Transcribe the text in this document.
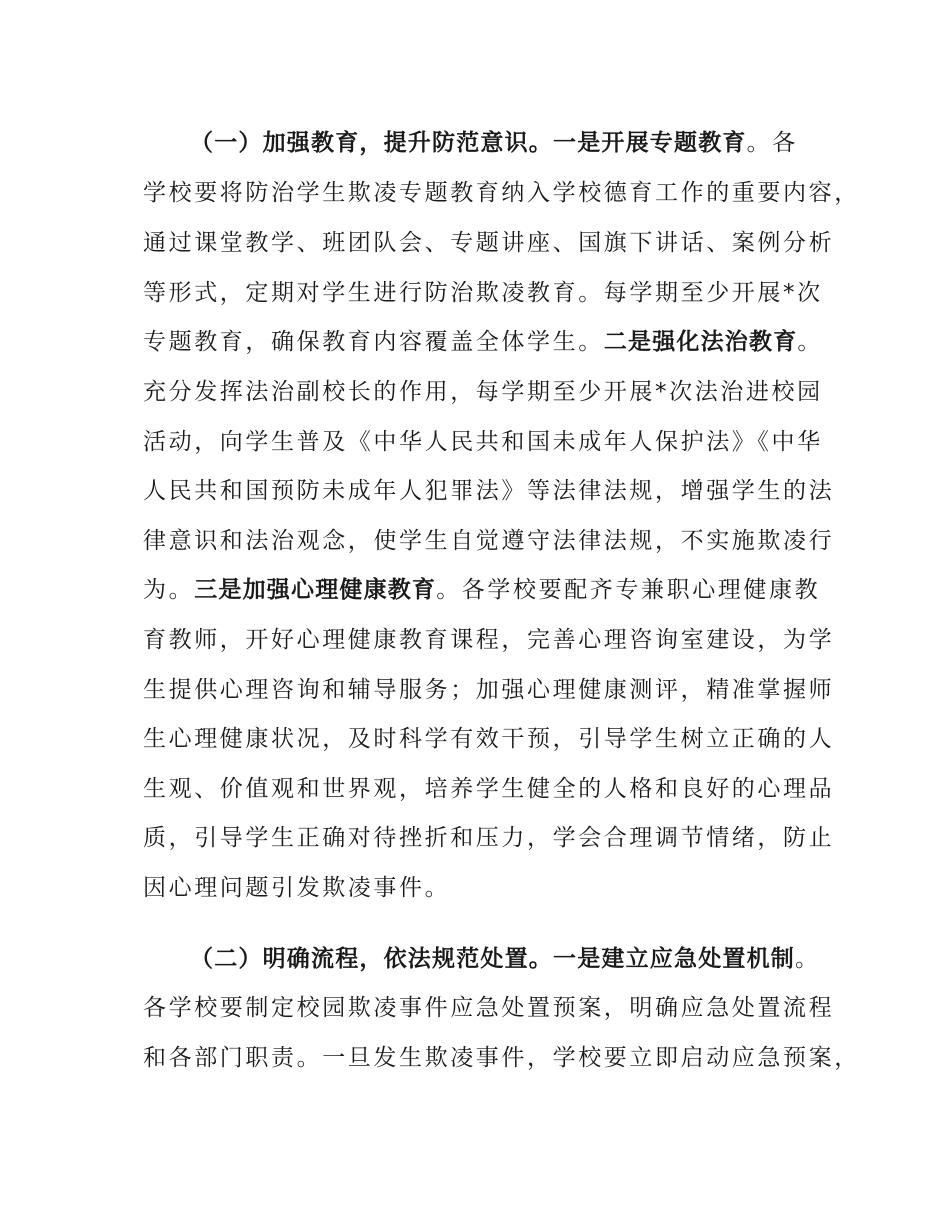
（一）加强教育，提升防范意识。一是开展专题教育。各
学校要将防治学生欺凌专题教育纳入学校德育工作的重要内容，
通过课堂教学、班团队会、专题讲座、国旗下讲话、案例分析
等形式，定期对学生进行防治欺凌教育。每学期至少开展*次
专题教育，确保教育内容覆盖全体学生。二是强化法治教育。
充分发挥法治副校长的作用，每学期至少开展*次法治进校园
活动，向学生普及《中华人民共和国未成年人保护法》《中华
人民共和国预防未成年人犯罪法》等法律法规，增强学生的法
律意识和法治观念，使学生自觉遵守法律法规，不实施欺凌行
为。三是加强心理健康教育。各学校要配齐专兼职心理健康教
育教师，开好心理健康教育课程，完善心理咨询室建设，为学
生提供心理咨询和辅导服务；加强心理健康测评，精准掌握师
生心理健康状况，及时科学有效干预，引导学生树立正确的人
生观、价值观和世界观，培养学生健全的人格和良好的心理品
质，引导学生正确对待挫折和压力，学会合理调节情绪，防止
因心理问题引发欺凌事件。
（二）明确流程，依法规范处置。一是建立应急处置机制。
各学校要制定校园欺凌事件应急处置预案，明确应急处置流程
和各部门职责。一旦发生欺凌事件，学校要立即启动应急预案，
